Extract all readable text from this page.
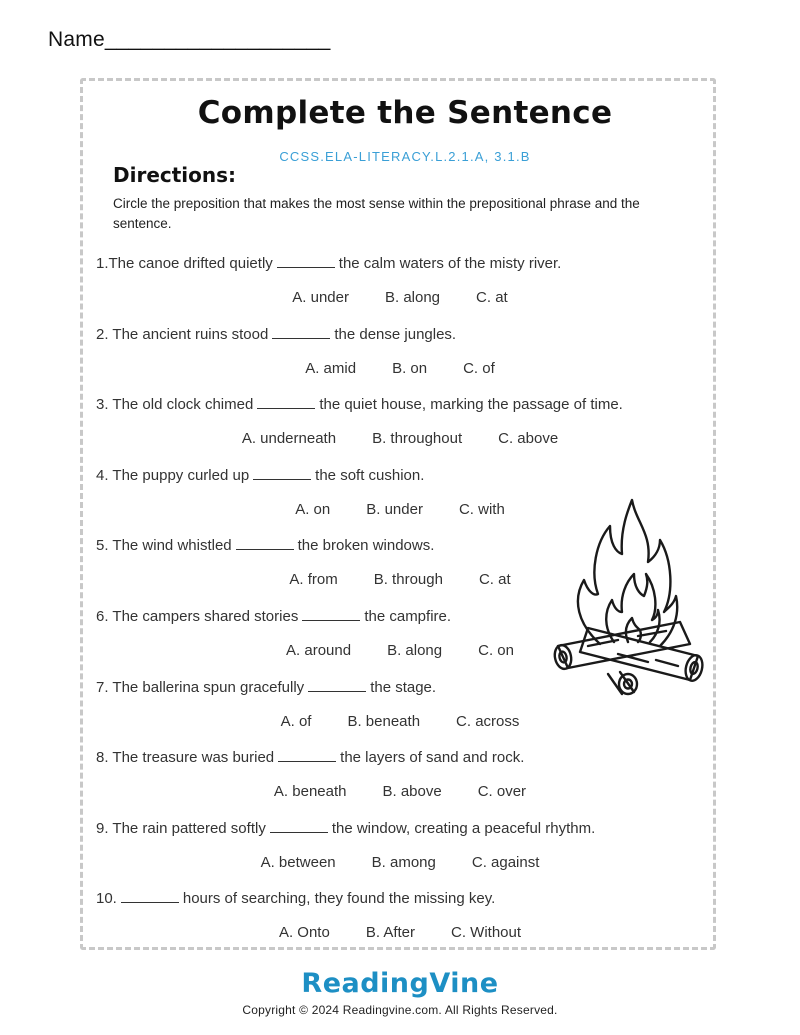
Name___________________
Complete the Sentence
CCSS.ELA-LITERACY.L.2.1.A, 3.1.B
Directions:
Circle the preposition that makes the most sense within the prepositional phrase and the sentence.
1.The canoe drifted quietly	the calm waters of the misty river.
A. under B. along C. at
2. The ancient ruins stood	the dense jungles.
A. amid B. on C. of
3. The old clock chimed	the quiet house, marking the passage of time.
A. underneath B. throughout C. above
4. The puppy curled up	the soft cushion.
A. on B. under C. with
5. The wind whistled	the broken windows.
A. from B. through C. at
6. The campers shared stories	the campfire.
A. around B. along C. on
7. The ballerina spun gracefully	the stage.
A. of B. beneath C. across
8. The treasure was buried	the layers of sand and rock.
A. beneath B. above C. over
9. The rain pattered softly	the window, creating a peaceful rhythm.
A. between B. among C. against
10.	hours of searching, they found the missing key.
A. Onto B. After C. Without
ReadingVine
Copyright © 2024 Readingvine.com. All Rights Reserved.
